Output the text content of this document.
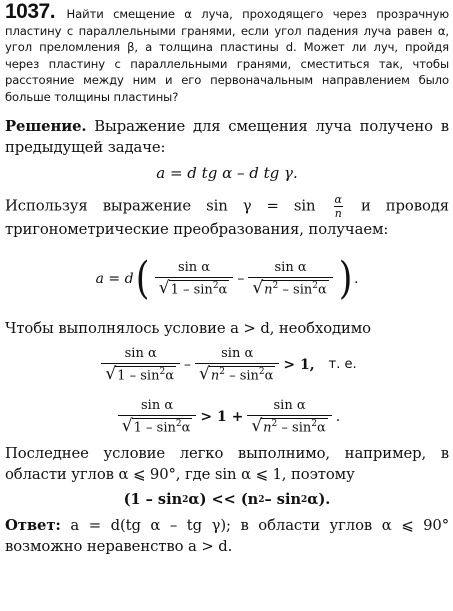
1037. Найти смещение α луча, проходящего через прозрачную пластину с параллельными гранями, если угол падения луча равен α, угол преломления β, а толщина пластины d. Может ли луч, пройдя через пластину с параллельными гранями, сместиться так, чтобы расстояние между ним и его первоначальным направлением было больше толщины пластины?
Решение. Выражение для смещения луча получено в предыдущей задаче:
a = d tg α – d tg γ.
Используя выражение $\sin \gamma = \sin \frac{\alpha}{n}$ и проводя тригонометрические преобразования, получаем:
a = d ( $\frac{\text{sin α}}{√ 1 - \sin^2\alpha} - \frac{\text{sin α}}{√ n^2 - \sin^2\alpha}$ ) .
Чтобы выполнялось условие a > d, необходимо
$\frac{\text{sin α}}{√ 1 - \sin^2\alpha} - \frac{\text{sin α}}{√ n^2 - \sin^2\alpha} > 1$, т. е.
$\frac{\text{sin α}}{√ 1 - \sin^2\alpha} > 1 + \frac{\text{sin α}}{√ n^2 - \sin^2\alpha}$ .
Последнее условие легко выполнимо, например, в области углов α ⩽ 90°, где sin α ⩽ 1, поэтому
(1 – sin 2 α) << (n 2 – sin 2 α).
Ответ: a = d(tg α – tg γ); в области углов α ⩽ 90° возможно неравенство a > d.
